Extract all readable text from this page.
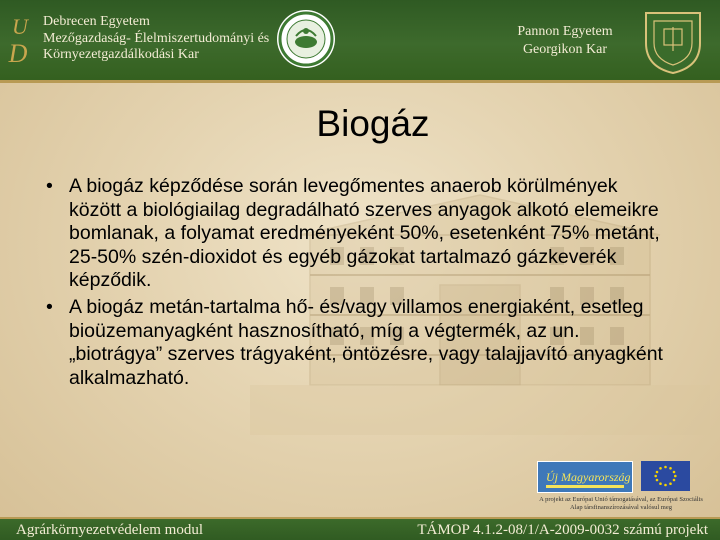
U
D
Debrecen Egyetem
Mezőgazdaság- Élelmiszertudományi és
Környezetgazdálkodási Kar
Pannon Egyetem
Georgikon Kar
Biogáz
• A biogáz képződése során levegőmentes anaerob körülmények között a biológiailag degradálható szerves anyagok alkotó elemeikre bomlanak, a folyamat eredményeként 50%, esetenként 75% metánt, 25-50% szén-dioxidot és egyéb gázokat tartalmazó gázkeverék képződik.
• A biogáz metán-tartalma hő- és/vagy villamos energiaként, esetleg bioüzemanyagként hasznosítható, míg a végtermék, az un. „biotrágya” szerves trágyaként, öntözésre, vagy talajjavító anyagként alkalmazható.
Új Magyarország
A projekt az Európai Unió támogatásával, az Európai Szociális Alap társfinanszírozásával valósul meg
Agrárkörnyezetvédelem modul	TÁMOP 4.1.2-08/1/A-2009-0032 számú projekt
